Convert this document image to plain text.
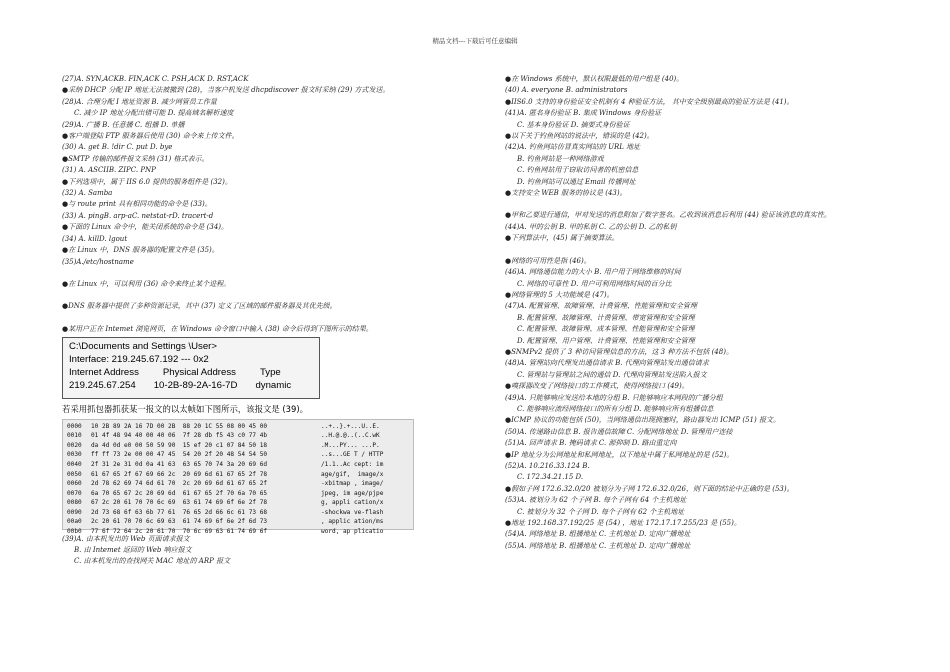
精品文档---下载后可任意编辑
(27)A. SYN,ACKB. FIN,ACK C. PSH,ACK D. RST,ACK
●采纳 DHCP 分配 IP 地址无法被撤到 (28)，当客户机发送 dhcpdiscover 报文时采纳 (29) 方式发送。
(28)A. 合理分配 I 地址资源 B. 减少网管员工作量
C. 减少 IP 地址分配出错可能 D. 提高域名解析速度
(29)A. 广播 B. 任意播 C. 组播 D. 单播
●客户端登陆 FTP 服务器后使用 (30) 命令来上传文件。
(30) A. get B. !dir C. put D. bye
●SMTP 传输的邮件报文采纳 (31) 格式表示。
(31) A. ASCIIB. ZIPC. PNP
●下列选项中，属于 IIS 6.0 提供的服务组件是 (32)。
(32) A. Samba
●与 route print 具有相同功能的命令是 (33)。
(33) A. pingB. arp-aC. netstat-rD. tracert-d
●下面的 Linux 命令中，能关闭系统的命令是 (34)。
(34) A. killD. lgout
●在 Linux 中，DNS 服务器的配置文件是 (35)。
(35)A./etc/hostname
●在 Linux 中，可以利用 (36) 命令来终止某个进程。
●DNS 服务器中提供了多种资源记录，其中 (37) 定义了区域的邮件服务器及其优先级。
●某用户正在 Intemet 浏览网页，在 Windows 命令窗口中输入 (38) 命令后得到下图所示的结果。
C:\Documents and Settings \User>
Interface: 219.245.67.192 --- 0x2
Internet Address	Physical Address	Type
219.245.67.254 10-2B-89-2A-16-7D dynamic
若采用抓包器抓获某一报文的以太帧如下图所示，该报文是 (39)。
0000	10 2B 89 2A 16 7D 00 2B  88 20 1C 55 08 00 45 00	..+..}.+...U..E.
0010	01 4f 48 94 40 00 40 06  7f 28 db f5 43 c0 77 4b	..H.@.@..(..C.wK
0020	da 4d 0d e0 00 50 59 90  15 ef 20 c1 07 84 50 18	.M...PY... ...P.
0030	ff ff 73 2e 00 00 47 45  54 20 2f 20 48 54 54 50	..s...GE T / HTTP
0040	2f 31 2e 31 0d 0a 41 63  63 65 70 74 3a 20 69 6d	/1.1..Ac cept: im
0050	61 67 65 2f 67 69 66 2c  20 69 6d 61 67 65 2f 78	age/gif,  image/x
0060	2d 78 62 69 74 6d 61 70  2c 20 69 6d 61 67 65 2f	-xbitmap , image/
0070	6a 70 65 67 2c 20 69 6d  61 67 65 2f 70 6a 70 65	jpeg, im age/pjpe
0080	67 2c 20 61 70 70 6c 69  63 61 74 69 6f 6e 2f 78	g, appli cation/x
0090	2d 73 68 6f 63 6b 77 61  76 65 2d 66 6c 61 73 68	-shockwa ve-flash
00a0	2c 20 61 70 70 6c 69 63  61 74 69 6f 6e 2f 6d 73	, applic ation/ms
00b0	77 6f 72 64 2c 20 61 70  70 6c 69 63 61 74 69 6f	word, ap plicatio
(39)A. 由本机发出的 Web 页面请求报文
B. 由 Intemet 返回的 Web 响应报文
C. 由本机发出的查找网关 MAC 地址的 ARP 报文
●在 Windows 系统中，默认权限最低的用户组是 (40)。
(40) A. everyone B. administrators
●IIS6.0 支持的身份验证安全机制有 4 种验证方法， 其中安全级别最高的验证方法是 (41)。
(41)A. 匿名身份验证 B. 集成 Windows 身份验证
C. 基本身份验证 D. 摘要式身份验证
●以下关于钓鱼网站的说法中，错误的是 (42)。
(42)A. 钓鱼网站仿冒真实网站的 URL 地址
B. 钓鱼网站是一种网络游戏
C. 钓鱼网站用于窃取访问者的机密信息
D. 钓鱼网站可以通过 Email 传播网址
●支持安全 WEB 服务的协议是 (43)。
●甲和乙要进行通信，甲对发送的消息附加了数字签名。乙收到该消息后利用 (44) 验证该消息的真实性。
(44)A. 甲的公钥 B. 甲的私钥 C. 乙的公钥 D. 乙的私钥
●下列算法中，(45) 属于摘要算法。
●网络的可用性是指 (46)。
(46)A. 网络通信能力的大小 B. 用户用于网络维修的时间
C. 网络的可靠性 D. 用户可利用网络时间的百分比
●网络管理的 5 大功能域是 (47)。
(47)A. 配置管理、故障管理、计费管理、性能管理和安全管理
B. 配置管理、故障管理、计费管理、带宽管理和安全管理
C. 配置管理、故障管理、成本管理、性能管理和安全管理
D. 配置管理、用户管理、计费管理、性能管理和安全管理
●SNMPv2 提供了 3 种访问管理信息的方法，这 3 种方法不包括 (48)。
(48)A. 管理站向代理发出通信请求 B. 代理向管理站发出通信请求
C. 管理站与管理站之间的通信 D. 代理向管理站发送陷入报文
●嗅探器改变了网络接口的工作模式，使得网络接口 (49)。
(49)A. 只能够响应发送给本地的分组 B. 只能够响应本网段的广播分组
C. 能够响应流经网络接口的所有分组 D. 能够响应所有组播信息
●ICMP 协议的功能包括 (50)，当网络通信出现拥塞时，路由器发出 ICMP (51) 报文。
(50)A. 传递路由信息 B. 报告通信故障 C. 分配网络地址 D. 管理用户连接
(51)A. 回声请求 B. 掩码请求 C. 源抑制 D. 路由重定向
●IP 地址分为公网地址和私网地址，以下地址中属于私网地址的是 (52)。
(52)A. 10.216.33.124 B.
C. 172.34.21.15 D.
●假如子网 172.6.32.0/20 被划分为子网 172.6.32.0/26，则下面的结论中正确的是 (53)。
(53)A. 被划分为 62 个子网 B. 每个子网有 64 个主机地址
C. 被划分为 32 个子网 D. 每个子网有 62 个主机地址
●地址 192.168.37.192/25 是 (54) ，地址 172.17.17.255/23 是 (55)。
(54)A. 网络地址 B. 组播地址 C. 主机地址 D. 定向广播地址
(55)A. 网络地址 B. 组播地址 C. 主机地址 D. 定向广播地址
